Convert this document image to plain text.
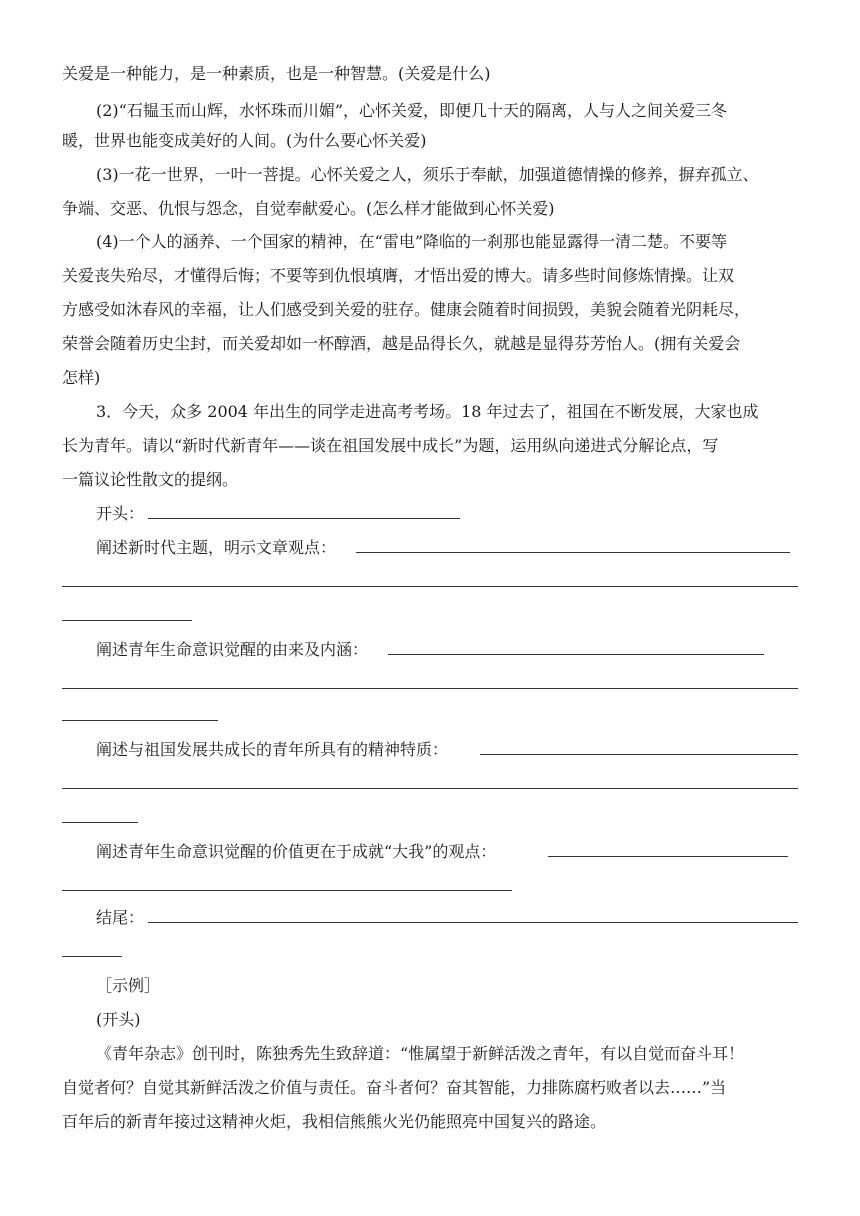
关爱是一种能力，是一种素质，也是一种智慧。(关爱是什么)
(2)“石韫玉而山辉，水怀珠而川媚”，心怀关爱，即便几十天的隔离，人与人之间关爱三冬
暖，世界也能变成美好的人间。(为什么要心怀关爱)
(3)一花一世界，一叶一菩提。心怀关爱之人，须乐于奉献，加强道德情操的修养，摒弃孤立、
争端、交恶、仇恨与怨念，自觉奉献爱心。(怎么样才能做到心怀关爱)
(4)一个人的涵养、一个国家的精神，在“雷电”降临的一刹那也能显露得一清二楚。不要等
关爱丧失殆尽，才懂得后悔；不要等到仇恨填膺，才悟出爱的博大。请多些时间修炼情操。让双
方感受如沐春风的幸福，让人们感受到关爱的驻存。健康会随着时间损毁，美貌会随着光阴耗尽，
荣誉会随着历史尘封，而关爱却如一杯醇酒，越是品得长久，就越是显得芬芳怡人。(拥有关爱会
怎样)
3．今天，众多 2004 年出生的同学走进高考考场。18 年过去了，祖国在不断发展，大家也成
长为青年。请以“新时代新青年——谈在祖国发展中成长”为题，运用纵向递进式分解论点，写
一篇议论性散文的提纲。
开头：
阐述新时代主题，明示文章观点：
阐述青年生命意识觉醒的由来及内涵：
阐述与祖国发展共成长的青年所具有的精神特质：
阐述青年生命意识觉醒的价值更在于成就“大我”的观点：
结尾：
［示例］
(开头)
《青年杂志》创刊时，陈独秀先生致辞道：“惟属望于新鲜活泼之青年，有以自觉而奋斗耳！
自觉者何？自觉其新鲜活泼之价值与责任。奋斗者何？奋其智能，力排陈腐朽败者以去……”当
百年后的新青年接过这精神火炬，我相信熊熊火光仍能照亮中国复兴的路途。
